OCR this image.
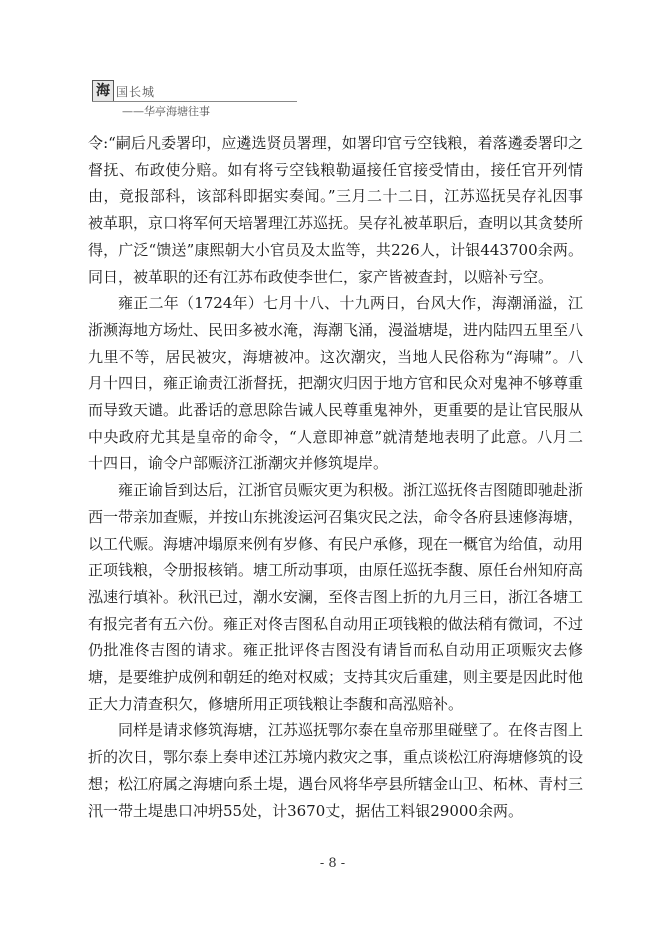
海 国长城
——华亭海塘往事

令:“嗣后凡委署印，应遴选贤员署理，如署印官亏空钱粮，着落遴委署印之督抚、布政使分赔。如有将亏空钱粮勒逼接任官接受情由，接任官开列情由，竟报部科，该部科即据实奏闻。”三月二十二日，江苏巡抚吴存礼因事被革职，京口将军何天培署理江苏巡抚。吴存礼被革职后，查明以其贪婪所得，广泛“馈送”康熙朝大小官员及太监等，共226人，计银443700余两。同日，被革职的还有江苏布政使李世仁，家产皆被查封，以赔补亏空。

雍正二年（1724年）七月十八、十九两日，台风大作，海潮涌溢，江浙濒海地方场灶、民田多被水淹，海潮飞涌，漫溢塘堤，进内陆四五里至八九里不等，居民被灾，海塘被冲。这次潮灾，当地人民俗称为“海啸”。八月十四日，雍正谕责江浙督抚，把潮灾归因于地方官和民众对鬼神不够尊重而导致天谴。此番话的意思除告诫人民尊重鬼神外，更重要的是让官民服从中央政府尤其是皇帝的命令，“人意即神意”就清楚地表明了此意。八月二十四日，谕令户部赈济江浙潮灾并修筑堤岸。

雍正谕旨到达后，江浙官员赈灾更为积极。浙江巡抚佟吉图随即驰赴浙西一带亲加查赈，并按山东挑浚运河召集灾民之法，命令各府县速修海塘，以工代赈。海塘冲塌原来例有岁修、有民户承修，现在一概官为给值，动用正项钱粮，令册报核销。塘工所动事项，由原任巡抚李馥、原任台州知府高泓速行填补。秋汛已过，潮水安澜，至佟吉图上折的九月三日，浙江各塘工有报完者有五六份。雍正对佟吉图私自动用正项钱粮的做法稍有微词，不过仍批准佟吉图的请求。雍正批评佟吉图没有请旨而私自动用正项赈灾去修塘，是要维护成例和朝廷的绝对权威；支持其灾后重建，则主要是因此时他正大力清查积欠，修塘所用正项钱粮让李馥和高泓赔补。

同样是请求修筑海塘，江苏巡抚鄂尔泰在皇帝那里碰壁了。在佟吉图上折的次日，鄂尔泰上奏申述江苏境内救灾之事，重点谈松江府海塘修筑的设想；松江府属之海塘向系土堤，遇台风将华亭县所辖金山卫、柘林、青村三汛一带土堤患口冲坍55处，计3670丈，据估工料银29000余两。

- 8 -
